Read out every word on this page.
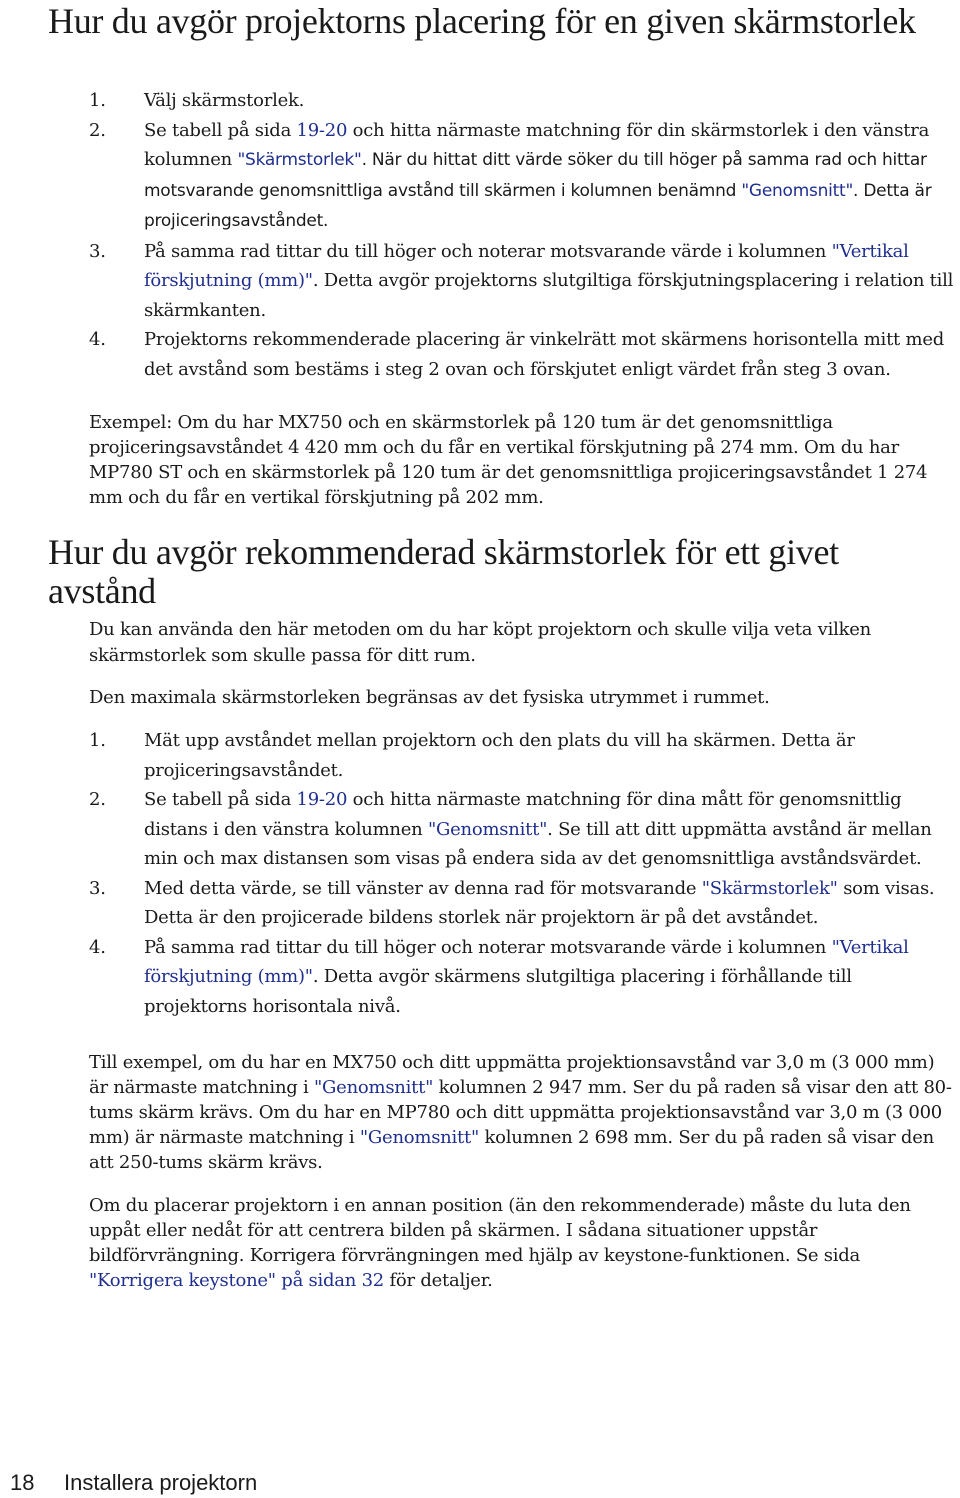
Hur du avgör projektorns placering för en given skärmstorlek
1. Välj skärmstorlek.
2. Se tabell på sida 19-20 och hitta närmaste matchning för din skärmstorlek i den vänstra kolumnen "Skärmstorlek". När du hittat ditt värde söker du till höger på samma rad och hittar motsvarande genomsnittliga avstånd till skärmen i kolumnen benämnd "Genomsnitt". Detta är projiceringsavståndet.
3. På samma rad tittar du till höger och noterar motsvarande värde i kolumnen "Vertikal förskjutning (mm)". Detta avgör projektorns slutgiltiga förskjutningsplacering i relation till skärmkanten.
4. Projektorns rekommenderade placering är vinkelrätt mot skärmens horisontella mitt med det avstånd som bestäms i steg 2 ovan och förskjutet enligt värdet från steg 3 ovan.

Exempel: Om du har MX750 och en skärmstorlek på 120 tum är det genomsnittliga projiceringsavståndet 4 420 mm och du får en vertikal förskjutning på 274 mm. Om du har MP780 ST och en skärmstorlek på 120 tum är det genomsnittliga projiceringsavståndet 1 274 mm och du får en vertikal förskjutning på 202 mm.

Hur du avgör rekommenderad skärmstorlek för ett givet avstånd

Du kan använda den här metoden om du har köpt projektorn och skulle vilja veta vilken skärmstorlek som skulle passa för ditt rum.

Den maximala skärmstorleken begränsas av det fysiska utrymmet i rummet.

1. Mät upp avståndet mellan projektorn och den plats du vill ha skärmen. Detta är projiceringsavståndet.
2. Se tabell på sida 19-20 och hitta närmaste matchning för dina mått för genomsnittlig distans i den vänstra kolumnen "Genomsnitt". Se till att ditt uppmätta avstånd är mellan min och max distansen som visas på endera sida av det genomsnittliga avståndsvärdet.
3. Med detta värde, se till vänster av denna rad för motsvarande "Skärmstorlek" som visas. Detta är den projicerade bildens storlek när projektorn är på det avståndet.
4. På samma rad tittar du till höger och noterar motsvarande värde i kolumnen "Vertikal förskjutning (mm)". Detta avgör skärmens slutgiltiga placering i förhållande till projektorns horisontala nivå.

Till exempel, om du har en MX750 och ditt uppmätta projektionsavstånd var 3,0 m (3 000 mm) är närmaste matchning i "Genomsnitt" kolumnen 2 947 mm. Ser du på raden så visar den att 80-tums skärm krävs. Om du har en MP780 och ditt uppmätta projektionsavstånd var 3,0 m (3 000 mm) är närmaste matchning i "Genomsnitt" kolumnen 2 698 mm. Ser du på raden så visar den att 250-tums skärm krävs.

Om du placerar projektorn i en annan position (än den rekommenderade) måste du luta den uppåt eller nedåt för att centrera bilden på skärmen. I sådana situationer uppstår bildförvrängning. Korrigera förvrängningen med hjälp av keystone-funktionen. Se sida "Korrigera keystone" på sidan 32 för detaljer.

18 Installera projektorn
